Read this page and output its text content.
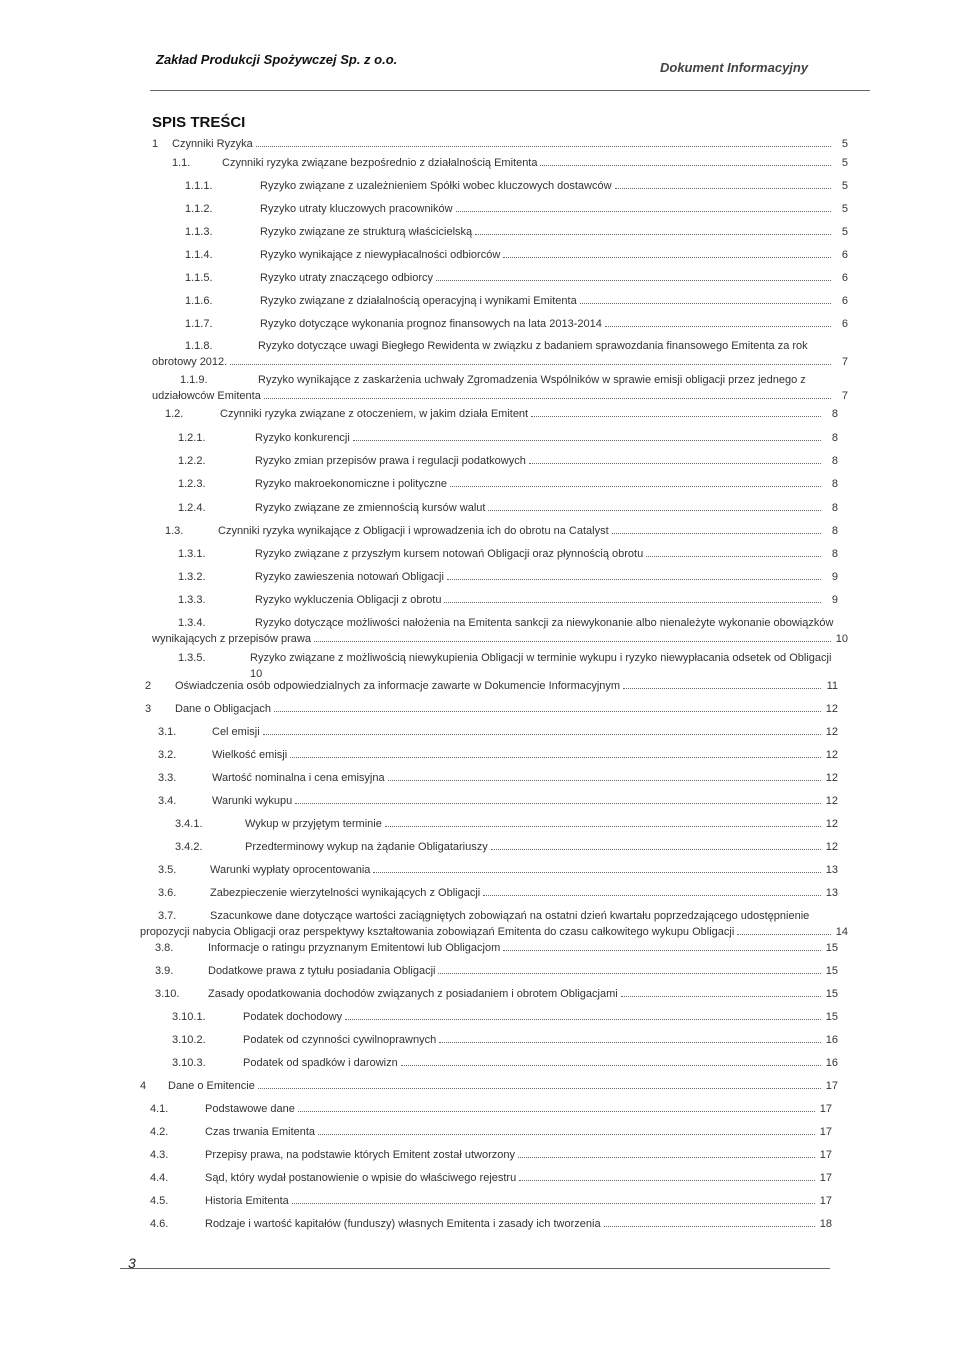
Zakład Produkcji Spożywczej Sp. z o.o.
Dokument Informacyjny
SPIS TREŚCI
1 Czynniki Ryzyka	5
1.1.	Czynniki ryzyka związane bezpośrednio z działalnością Emitenta	5
1.1.1.	Ryzyko związane z uzależnieniem Spółki wobec kluczowych dostawców	5
1.1.2.	Ryzyko utraty kluczowych pracowników	5
1.1.3.	Ryzyko związane ze strukturą właścicielską	5
1.1.4.	Ryzyko wynikające z niewypłacalności odbiorców	6
1.1.5.	Ryzyko utraty znaczącego odbiorcy	6
1.1.6.	Ryzyko związane z działalnością operacyjną i wynikami Emitenta	6
1.1.7.	Ryzyko dotyczące wykonania prognoz finansowych na lata 2013-2014	6
1.1.8.	Ryzyko dotyczące uwagi Biegłego Rewidenta w związku z badaniem sprawozdania finansowego Emitenta za rok
obrotowy 2012.	7
1.1.9.	Ryzyko wynikające z zaskarżenia uchwały Zgromadzenia Wspólników w sprawie emisji obligacji przez jednego z
udziałowców Emitenta	7
1.2.	Czynniki ryzyka związane z otoczeniem, w jakim działa Emitent	8
1.2.1.	Ryzyko konkurencji	8
1.2.2.	Ryzyko zmian przepisów prawa i regulacji podatkowych	8
1.2.3.	Ryzyko makroekonomiczne i polityczne	8
1.2.4.	Ryzyko związane ze zmiennością kursów walut	8
1.3.	Czynniki ryzyka wynikające z Obligacji i wprowadzenia ich do obrotu na Catalyst	8
1.3.1.	Ryzyko związane z przyszłym kursem notowań Obligacji oraz płynnością obrotu	8
1.3.2.	Ryzyko zawieszenia notowań Obligacji	9
1.3.3.	Ryzyko wykluczenia Obligacji z obrotu	9
1.3.4.	Ryzyko dotyczące możliwości nałożenia na Emitenta sankcji za niewykonanie albo nienależyte wykonanie obowiązków
wynikających z przepisów prawa	10
1.3.5.	Ryzyko związane z możliwością niewykupienia Obligacji w terminie wykupu i ryzyko niewypłacania odsetek od Obligacji
10
2 Oświadczenia osób odpowiedzialnych za informacje zawarte w Dokumencie Informacyjnym	11
3 Dane o Obligacjach	12
3.1.	Cel emisji	12
3.2.	Wielkość emisji	12
3.3.	Wartość nominalna i cena emisyjna	12
3.4.	Warunki wykupu	12
3.4.1.	Wykup w przyjętym terminie	12
3.4.2.	Przedterminowy wykup na żądanie Obligatariuszy	12
3.5.	Warunki wypłaty oprocentowania	13
3.6.	Zabezpieczenie wierzytelności wynikających z Obligacji	13
3.7.	Szacunkowe dane dotyczące wartości zaciągniętych zobowiązań na ostatni dzień kwartału poprzedzającego udostępnienie
propozycji nabycia Obligacji oraz perspektywy kształtowania zobowiązań Emitenta do czasu całkowitego wykupu Obligacji	14
3.8.	Informacje o ratingu przyznanym Emitentowi lub Obligacjom	15
3.9.	Dodatkowe prawa z tytułu posiadania Obligacji	15
3.10.	Zasady opodatkowania dochodów związanych z posiadaniem i obrotem Obligacjami	15
3.10.1.	Podatek dochodowy	15
3.10.2.	Podatek od czynności cywilnoprawnych	16
3.10.3.	Podatek od spadków i darowizn	16
4 Dane o Emitencie	17
4.1.	Podstawowe dane	17
4.2.	Czas trwania Emitenta	17
4.3.	Przepisy prawa, na podstawie których Emitent został utworzony	17
4.4.	Sąd, który wydał postanowienie o wpisie do właściwego rejestru	17
4.5.	Historia Emitenta	17
4.6.	Rodzaje i wartość kapitałów (funduszy) własnych Emitenta i zasady ich tworzenia	18
3
